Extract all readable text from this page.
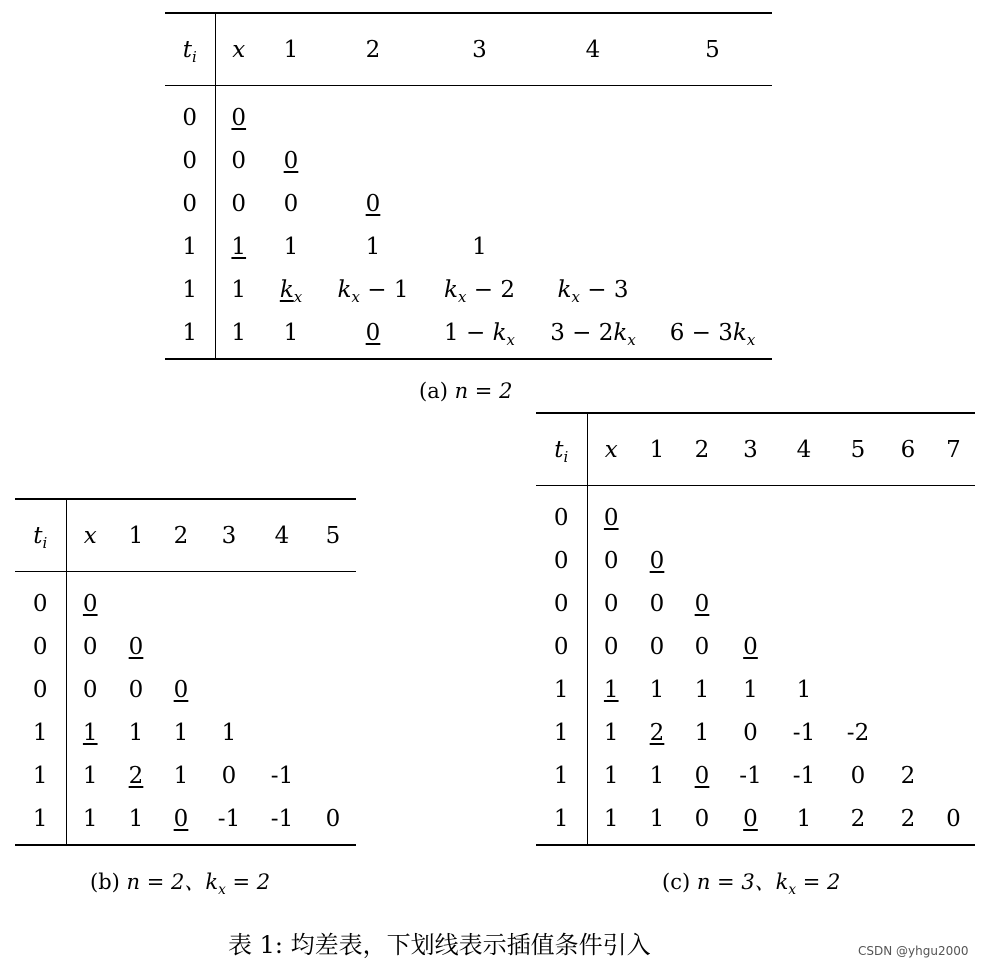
$t_i$	x	1	2	3	4	5
0	0					
0	0	0				
0	0	0	0			
1	1	1	1	1		
1	1	$k_x$	$k_x - 1$	$k_x - 2$	$k_x - 3$	
1	1	1	0	$1 - k_x$	$3 - 2k_x$	$6 - 3k_x$
(a) n = 2
$t_i$	x	1	2	3	4	5
0	0					
0	0	0				
0	0	0	0			
1	1	1	1	1		
1	1	2	1	0	-1	
1	1	1	0	-1	-1	0
(b) n = 2、$k_x = 2$
$t_i$	x	1	2	3	4	5	6	7
0	0							
0	0	0						
0	0	0	0					
0	0	0	0	0				
1	1	1	1	1	1			
1	1	2	1	0	-1	-2		
1	1	1	0	-1	-1	0	2	
1	1	1	0	0	1	2	2	0
(c) n = 3、$k_x = 2$
表 1: 均差表，下划线表示插值条件引入	CSDN @yhgu2000
